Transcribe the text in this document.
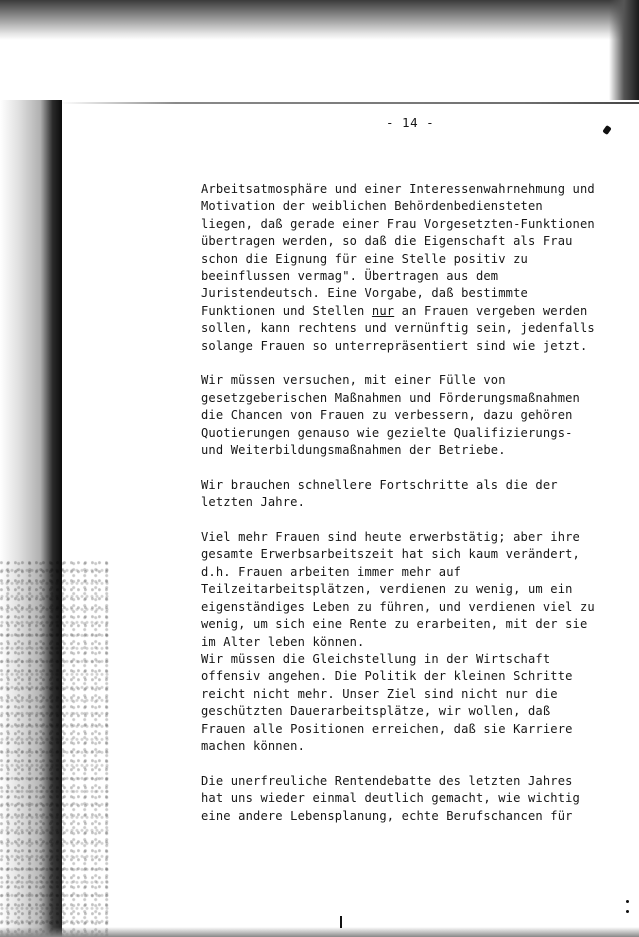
- 14 -

Arbeitsatmosphäre und einer Interessenwahrnehmung und
Motivation der weiblichen Behördenbediensteten
liegen, daß gerade einer Frau Vorgesetzten-Funktionen
übertragen werden, so daß die Eigenschaft als Frau
schon die Eignung für eine Stelle positiv zu
beeinflussen vermag". Übertragen aus dem
Juristendeutsch. Eine Vorgabe, daß bestimmte
Funktionen und Stellen nur an Frauen vergeben werden
sollen, kann rechtens und vernünftig sein, jedenfalls
solange Frauen so unterrepräsentiert sind wie jetzt.

Wir müssen versuchen, mit einer Fülle von
gesetzgeberischen Maßnahmen und Förderungsmaßnahmen
die Chancen von Frauen zu verbessern, dazu gehören
Quotierungen genauso wie gezielte Qualifizierungs-
und Weiterbildungsmaßnahmen der Betriebe.

Wir brauchen schnellere Fortschritte als die der
letzten Jahre.

Viel mehr Frauen sind heute erwerbstätig; aber ihre
gesamte Erwerbsarbeitszeit hat sich kaum verändert,
d.h. Frauen arbeiten immer mehr auf
Teilzeitarbeitsplätzen, verdienen zu wenig, um ein
eigenständiges Leben zu führen, und verdienen viel zu
wenig, um sich eine Rente zu erarbeiten, mit der sie
im Alter leben können.
Wir müssen die Gleichstellung in der Wirtschaft
offensiv angehen. Die Politik der kleinen Schritte
reicht nicht mehr. Unser Ziel sind nicht nur die
geschützten Dauerarbeitsplätze, wir wollen, daß
Frauen alle Positionen erreichen, daß sie Karriere
machen können.

Die unerfreuliche Rentendebatte des letzten Jahres
hat uns wieder einmal deutlich gemacht, wie wichtig
eine andere Lebensplanung, echte Berufschancen für
